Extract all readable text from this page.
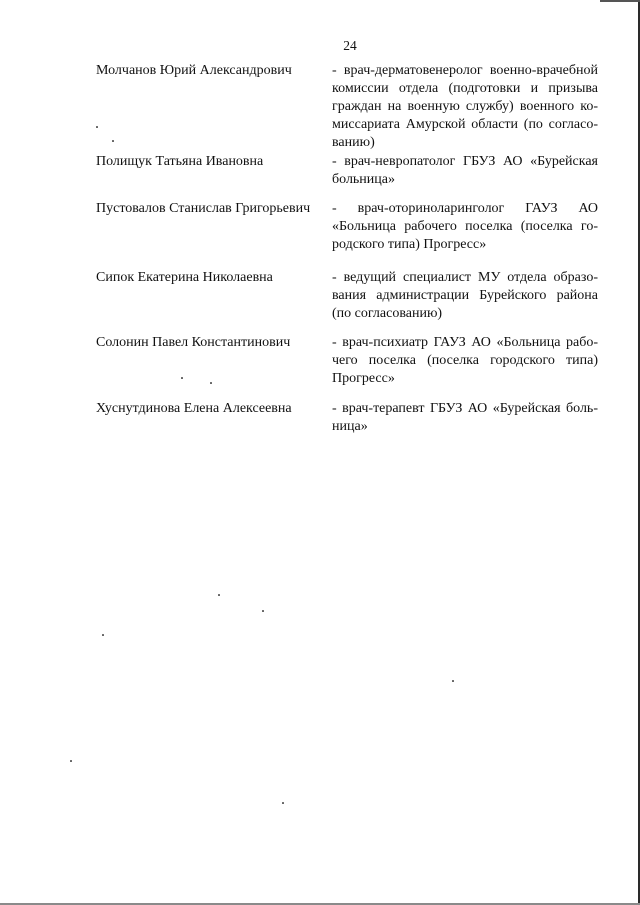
24
Молчанов Юрий Александрович	- врач-дерматовенеролог военно-врачебной комиссии отдела (подготовки и призыва граждан на военную службу) военного комиссариата Амурской области (по согласованию)
Полищук Татьяна Ивановна	- врач-невропатолог ГБУЗ АО «Бурейская больница»
Пустовалов Станислав Григорьевич	- врач-оториноларинголог ГАУЗ АО «Больница рабочего поселка (поселка городского типа) Прогресс»
Сипок Екатерина Николаевна	- ведущий специалист МУ отдела образования администрации Бурейского района (по согласованию)
Солонин Павел Константинович	- врач-психиатр ГАУЗ АО «Больница рабочего поселка (поселка городского типа) Прогресс»
Хуснутдинова Елена Алексеевна	- врач-терапевт ГБУЗ АО «Бурейская больница»
